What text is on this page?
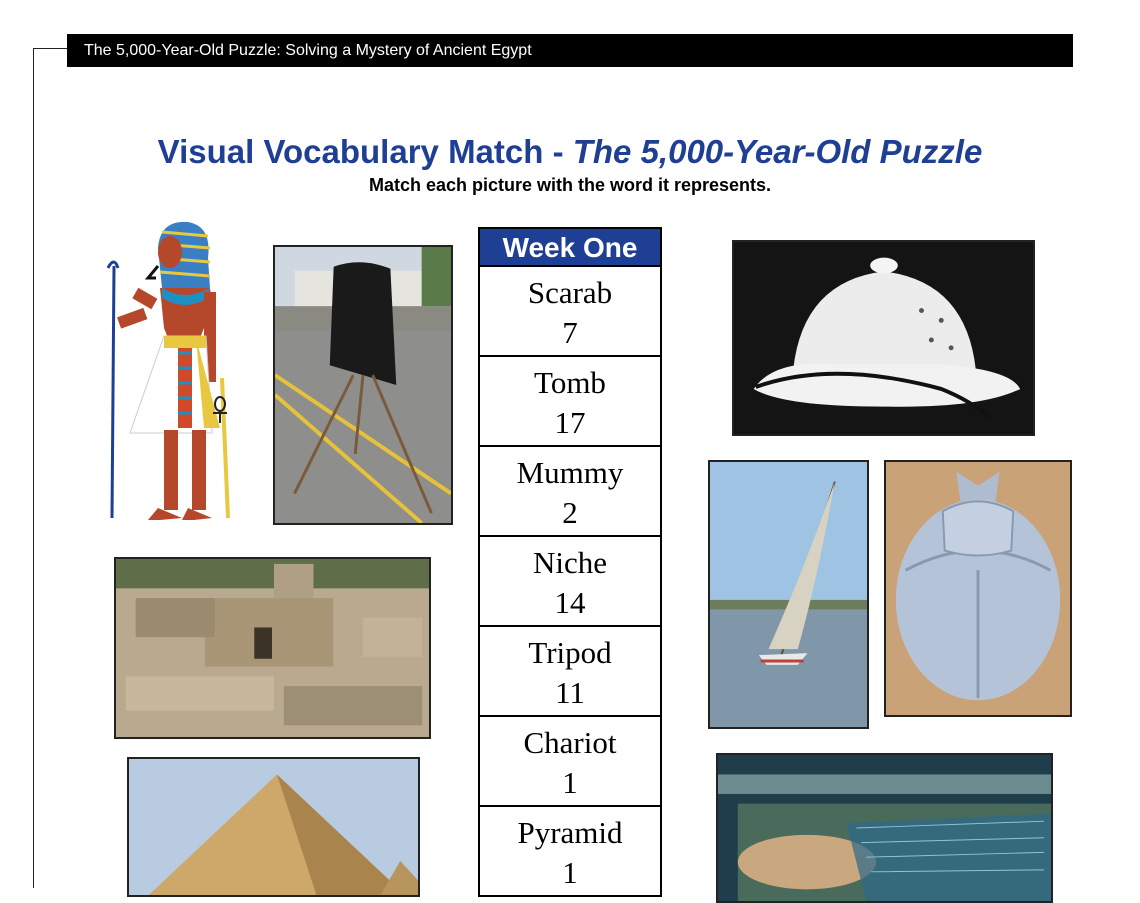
The 5,000-Year-Old Puzzle: Solving a Mystery of Ancient Egypt
Visual Vocabulary Match - The 5,000-Year-Old Puzzle
Match each picture with the word it represents.
Week One
Scarab
7
Tomb
17
Mummy
2
Niche
14
Tripod
11
Chariot
1
Pyramid
1
